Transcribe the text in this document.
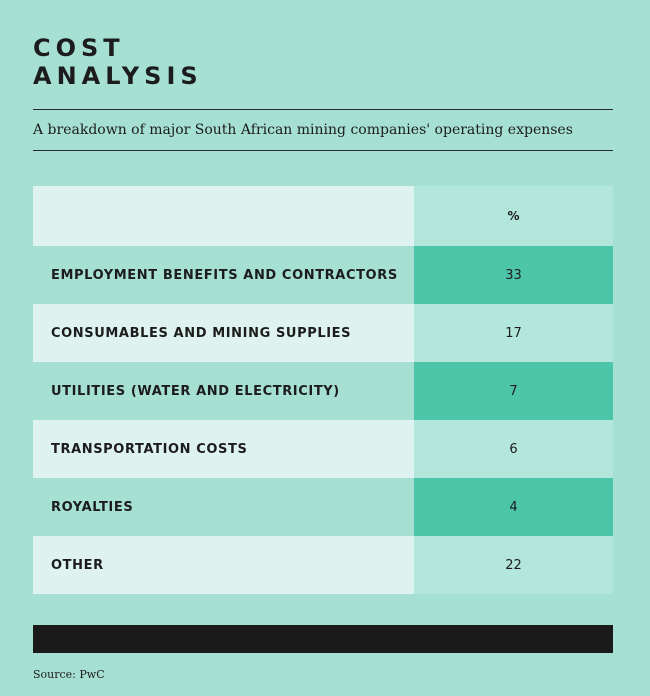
COST
ANALYSIS
A breakdown of major South African mining companies' operating expenses
%
EMPLOYMENT BENEFITS AND CONTRACTORS	33
CONSUMABLES AND MINING SUPPLIES	17
UTILITIES (WATER AND ELECTRICITY)	7
TRANSPORTATION COSTS	6
ROYALTIES	4
OTHER	22
Source: PwC
